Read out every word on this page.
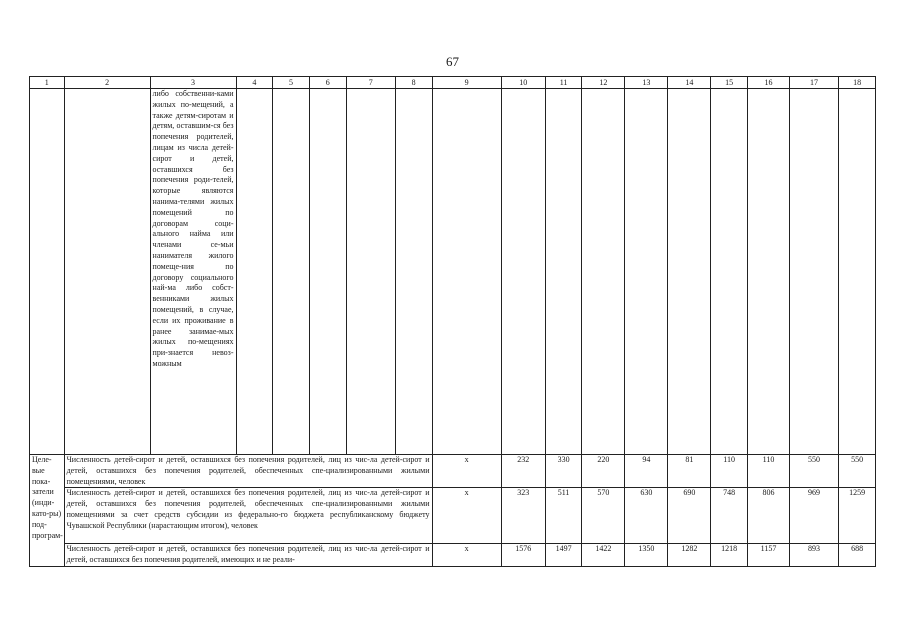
67
1	2	3	4	5	6	7	8	9	10	11	12	13	14	15	16	17	18
		либо собственни-ками жилых по-мещений, а также детям-сиротам и детям, оставшим-ся без попечения родителей, лицам из числа детей-сирот и детей, оставшихся без попечения роди-телей, которые являются нанима-телями жилых помещений по договорам соци-ального найма или членами се-мьи нанимателя жилого помеще-ния по договору социального най-ма либо собст-венниками жилых помещений, в случае, если их проживание в ранее занимае-мых жилых по-мещениях при-знается невоз-можным															
Целе-вые пока-затели (инди-като-ры) под-програм-	Численность детей-сирот и детей, оставшихся без попечения родителей, лиц из чис-ла детей-сирот и детей, оставшихся без попечения родителей, обеспеченных спе-циализированными жилыми помещениями, человек							х	232	330	220	94	81	110	110	550	550
	Численность детей-сирот и детей, оставшихся без попечения родителей, лиц из чис-ла детей-сирот и детей, оставшихся без попечения родителей, обеспеченных спе-циализированными жилыми помещениями за счет средств субсидии из федерально-го бюджета республиканскому бюджету Чувашской Республики (нарастающим итогом), человек							х	323	511	570	630	690	748	806	969	1259
	Численность детей-сирот и детей, оставшихся без попечения родителей, лиц из чис-ла детей-сирот и детей, оставшихся без попечения родителей, имеющих и не реали-							х	1576	1497	1422	1350	1282	1218	1157	893	688
